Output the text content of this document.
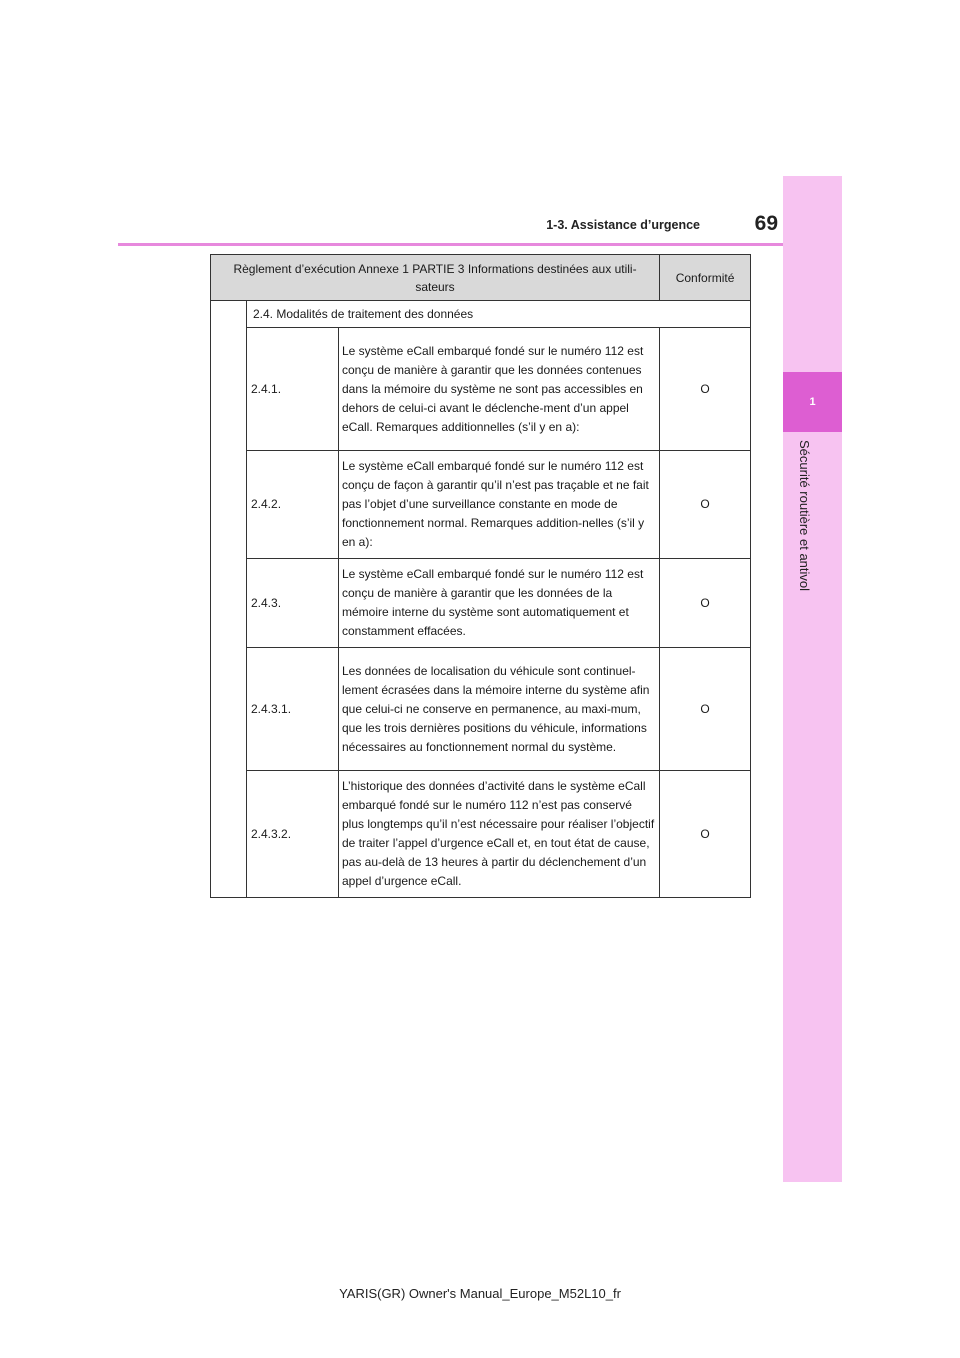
1
Sécurité routière et antivol
1-3. Assistance d’urgence	69
Règlement d’exécution Annexe 1 PARTIE 3 Informations destinées aux utili-sateurs			Conformité
	2.4. Modalités de traitement des données		
	2.4.1.	Le système eCall embarqué fondé sur le numéro 112 est conçu de manière à garantir que les données contenues dans la mémoire du système ne sont pas accessibles en dehors de celui-ci avant le déclenche-ment d’un appel eCall. Remarques additionnelles (s’il y en a):	O
	2.4.2.	Le système eCall embarqué fondé sur le numéro 112 est conçu de façon à garantir qu’il n’est pas traçable et ne fait pas l’objet d’une surveillance constante en mode de fonctionnement normal. Remarques addition-nelles (s’il y en a):	O
	2.4.3.	Le système eCall embarqué fondé sur le numéro 112 est conçu de manière à garantir que les données de la mémoire interne du système sont automatiquement et constamment effacées.	O
	2.4.3.1.	Les données de localisation du véhicule sont continuel-lement écrasées dans la mémoire interne du système afin que celui-ci ne conserve en permanence, au maxi-mum, que les trois dernières positions du véhicule, informations nécessaires au fonctionnement normal du système.	O
	2.4.3.2.	L’historique des données d’activité dans le système eCall embarqué fondé sur le numéro 112 n’est pas conservé plus longtemps qu’il n’est nécessaire pour réaliser l’objectif de traiter l’appel d’urgence eCall et, en tout état de cause, pas au-delà de 13 heures à partir du déclenchement d’un appel d’urgence eCall.	O
YARIS(GR) Owner's Manual_Europe_M52L10_fr
